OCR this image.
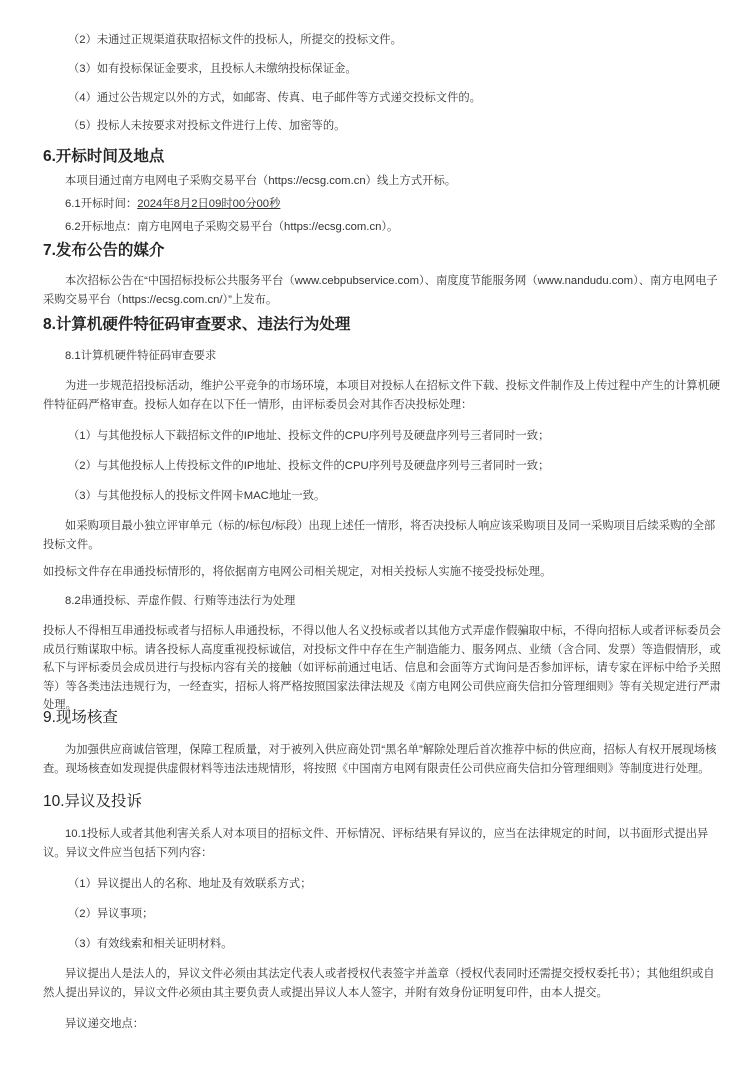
（2）未通过正规渠道获取招标文件的投标人，所提交的投标文件。
（3）如有投标保证金要求，且投标人未缴纳投标保证金。
（4）通过公告规定以外的方式，如邮寄、传真、电子邮件等方式递交投标文件的。
（5）投标人未按要求对投标文件进行上传、加密等的。
6.开标时间及地点
本项目通过南方电网电子采购交易平台（https://ecsg.com.cn）线上方式开标。
6.1开标时间：2024年8月2日09时00分00秒
6.2开标地点：南方电网电子采购交易平台（https://ecsg.com.cn）。
7.发布公告的媒介
本次招标公告在“中国招标投标公共服务平台（www.cebpubservice.com）、南度度节能服务网（www.nandudu.com）、南方电网电子采购交易平台（https://ecsg.com.cn/）”上发布。
8.计算机硬件特征码审查要求、违法行为处理
8.1计算机硬件特征码审查要求
为进一步规范招投标活动，维护公平竞争的市场环境，本项目对投标人在招标文件下载、投标文件制作及上传过程中产生的计算机硬件特征码严格审查。投标人如存在以下任一情形，由评标委员会对其作否决投标处理：
（1）与其他投标人下载招标文件的IP地址、投标文件的CPU序列号及硬盘序列号三者同时一致；
（2）与其他投标人上传投标文件的IP地址、投标文件的CPU序列号及硬盘序列号三者同时一致；
（3）与其他投标人的投标文件网卡MAC地址一致。
如采购项目最小独立评审单元（标的/标包/标段）出现上述任一情形，将否决投标人响应该采购项目及同一采购项目后续采购的全部投标文件。
如投标文件存在串通投标情形的，将依据南方电网公司相关规定，对相关投标人实施不接受投标处理。
8.2串通投标、弄虚作假、行贿等违法行为处理
投标人不得相互串通投标或者与招标人串通投标，不得以他人名义投标或者以其他方式弄虚作假骗取中标，不得向招标人或者评标委员会成员行贿谋取中标。请各投标人高度重视投标诚信，对投标文件中存在生产制造能力、服务网点、业绩（含合同、发票）等造假情形，或私下与评标委员会成员进行与投标内容有关的接触（如评标前通过电话、信息和会面等方式询问是否参加评标，请专家在评标中给予关照等）等各类违法违规行为，一经查实，招标人将严格按照国家法律法规及《南方电网公司供应商失信扣分管理细则》等有关规定进行严肃处理。
9.现场核查
为加强供应商诚信管理，保障工程质量，对于被列入供应商处罚“黑名单”解除处理后首次推荐中标的供应商，招标人有权开展现场核查。现场核查如发现提供虚假材料等违法违规情形，将按照《中国南方电网有限责任公司供应商失信扣分管理细则》等制度进行处理。
10.异议及投诉
10.1投标人或者其他利害关系人对本项目的招标文件、开标情况、评标结果有异议的，应当在法律规定的时间，以书面形式提出异议。异议文件应当包括下列内容：
（1）异议提出人的名称、地址及有效联系方式；
（2）异议事项；
（3）有效线索和相关证明材料。
异议提出人是法人的，异议文件必须由其法定代表人或者授权代表签字并盖章（授权代表同时还需提交授权委托书）；其他组织或自然人提出异议的，异议文件必须由其主要负责人或提出异议人本人签字，并附有效身份证明复印件，由本人提交。
异议递交地点：
